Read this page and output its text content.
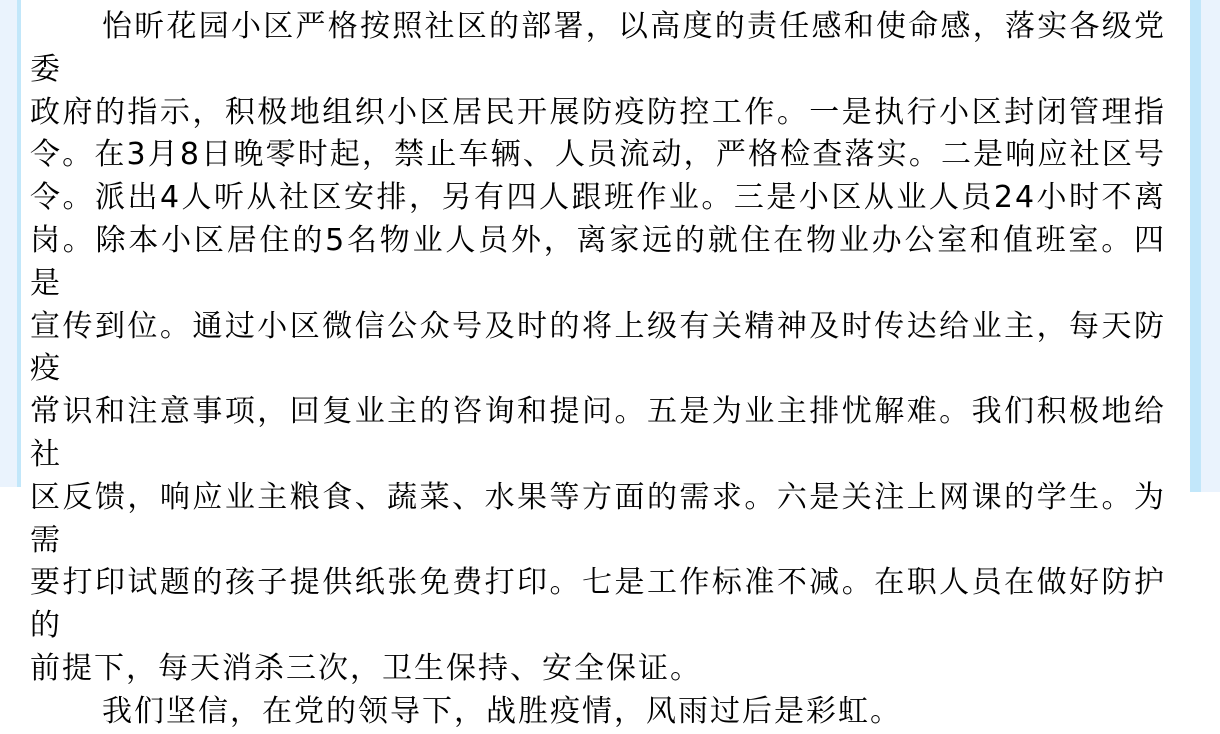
怡昕花园小区严格按照社区的部署，以高度的责任感和使命感，落实各级党委
政府的指示，积极地组织小区居民开展防疫防控工作。一是执行小区封闭管理指
令。在3月8日晚零时起，禁止车辆、人员流动，严格检查落实。二是响应社区号
令。派出4人听从社区安排，另有四人跟班作业。三是小区从业人员24小时不离
岗。除本小区居住的5名物业人员外，离家远的就住在物业办公室和值班室。四是
宣传到位。通过小区微信公众号及时的将上级有关精神及时传达给业主，每天防疫
常识和注意事项，回复业主的咨询和提问。五是为业主排忧解难。我们积极地给社
区反馈，响应业主粮食、蔬菜、水果等方面的需求。六是关注上网课的学生。为需
要打印试题的孩子提供纸张免费打印。七是工作标准不减。在职人员在做好防护的
前提下，每天消杀三次，卫生保持、安全保证。
我们坚信，在党的领导下，战胜疫情，风雨过后是彩虹。
